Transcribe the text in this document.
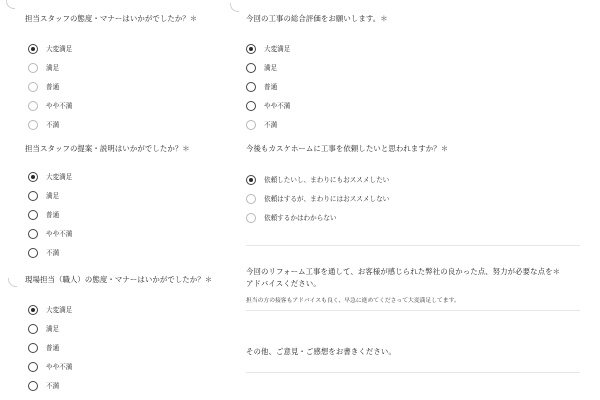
担当スタッフの態度・マナーはいかがでしたか？＊
大変満足
満足
普通
やや不満
不満
担当スタッフの提案・説明はいかがでしたか？＊
大変満足
満足
普通
やや不満
不満
現場担当（職人）の態度・マナーはいかがでしたか？＊
大変満足
満足
普通
やや不満
不満
今回の工事の総合評価をお願いします。＊
大変満足
満足
普通
やや不満
不満
今後もカスケホームに工事を依頼したいと思われますか？＊
依頼したいし、まわりにもおススメしたい
依頼はするが、まわりにはおススメしない
依頼するかはわからない
今回のリフォーム工事を通して、お客様が感じられた弊社の良かった点、努力が必要な点を＊
アドバイスください。
担当の方の接客もアドバイスも良く、早急に進めてくださって大変満足してます。
その他、ご意見・ご感想をお書きください。
